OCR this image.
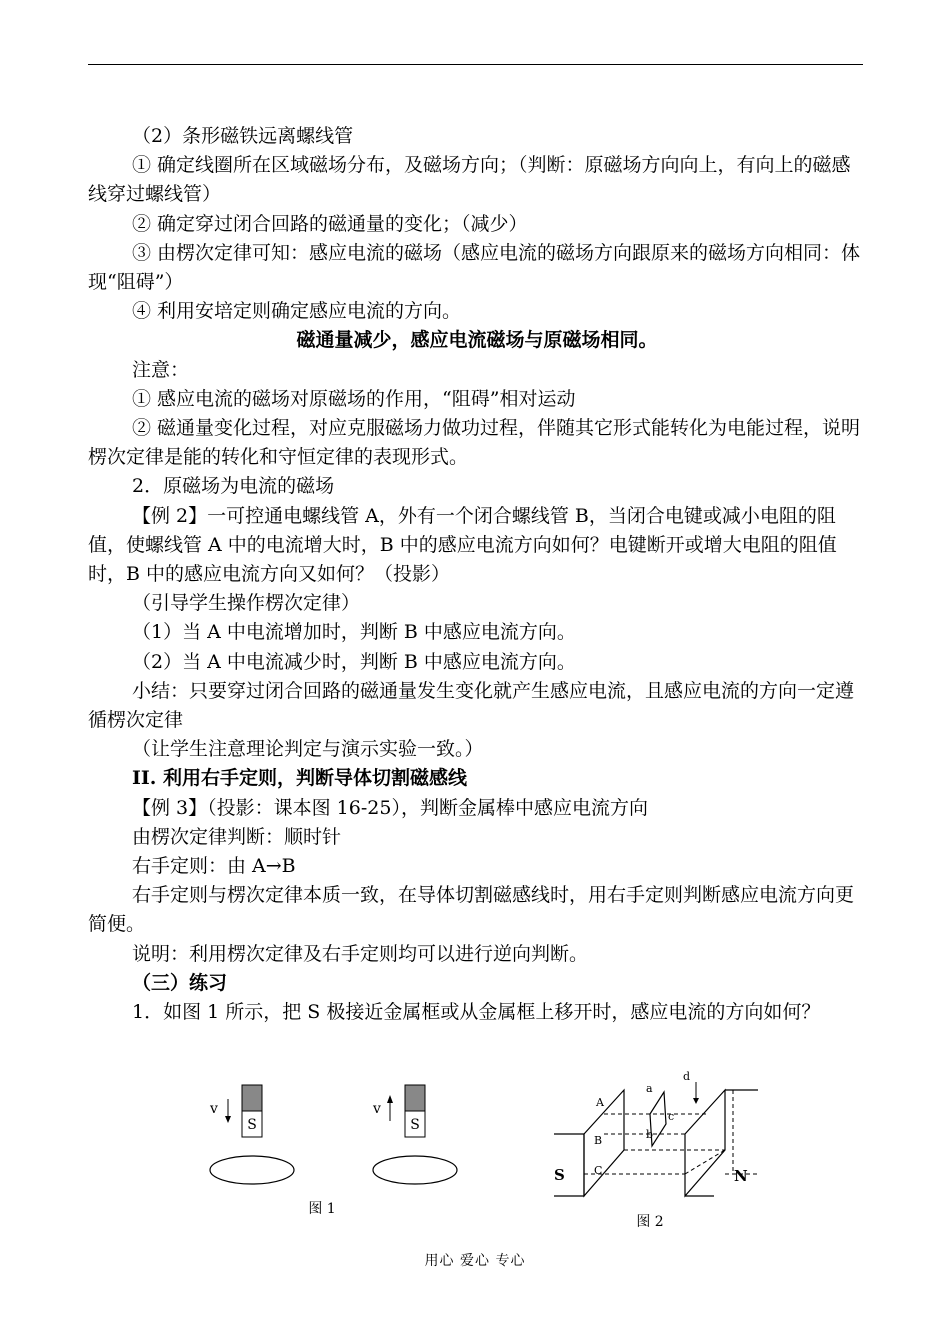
（2）条形磁铁远离螺线管

① 确定线圈所在区域磁场分布，及磁场方向；（判断：原磁场方向向上，有向上的磁感线穿过螺线管）

② 确定穿过闭合回路的磁通量的变化；（减少）

③ 由楞次定律可知：感应电流的磁场（感应电流的磁场方向跟原来的磁场方向相同：体现“阻碍”）

④ 利用安培定则确定感应电流的方向。

磁通量减少，感应电流磁场与原磁场相同。

注意：

① 感应电流的磁场对原磁场的作用，“阻碍”相对运动

② 磁通量变化过程，对应克服磁场力做功过程，伴随其它形式能转化为电能过程，说明楞次定律是能的转化和守恒定律的表现形式。

2．原磁场为电流的磁场

【例 2】一可控通电螺线管 A，外有一个闭合螺线管 B，当闭合电键或减小电阻的阻值，使螺线管 A 中的电流增大时，B 中的感应电流方向如何？电键断开或增大电阻的阻值时，B 中的感应电流方向又如何？（投影）

（引导学生操作楞次定律）

（1）当 A 中电流增加时，判断 B 中感应电流方向。

（2）当 A 中电流减少时，判断 B 中感应电流方向。

小结：只要穿过闭合回路的磁通量发生变化就产生感应电流，且感应电流的方向一定遵循楞次定律

（让学生注意理论判定与演示实验一致。）

II. 利用右手定则，判断导体切割磁感线

【例 3】（投影：课本图 16-25），判断金属棒中感应电流方向

由楞次定律判断：顺时针

右手定则：由 A→B

右手定则与楞次定律本质一致，在导体切割磁感线时，用右手定则判断感应电流方向更简便。

说明：利用楞次定律及右手定则均可以进行逆向判断。

（三）练习

1．如图 1 所示，把 S 极接近金属框或从金属框上移开时，感应电流的方向如何？

S
v
S
v
图 1
a
b
c
d
A
B
C
S	N
图 2
用心 爱心 专心
